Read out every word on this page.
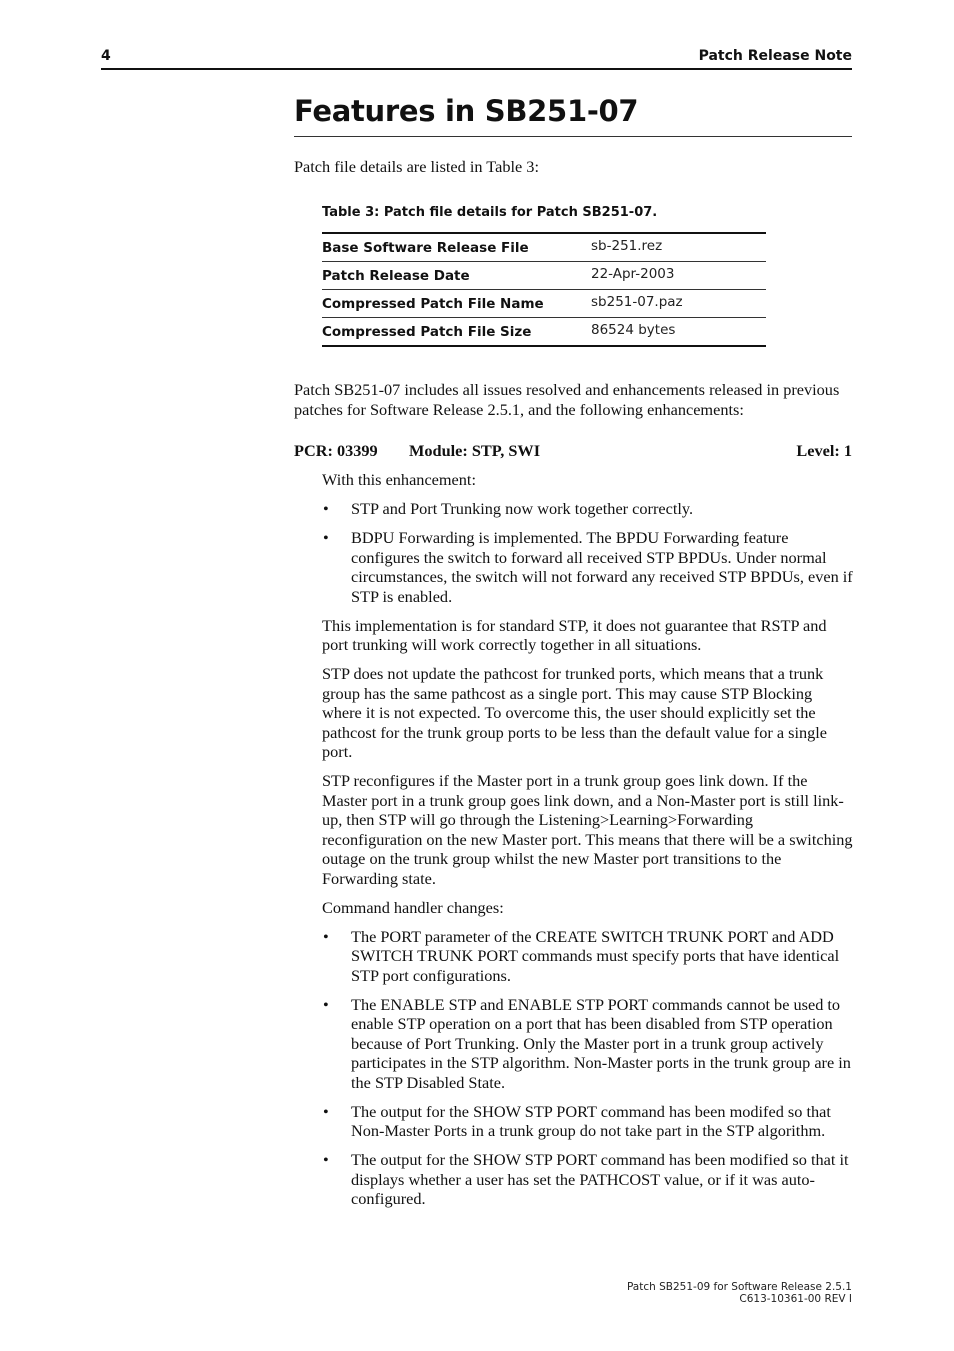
4	Patch Release Note
Features in SB251-07
Patch file details are listed in Table 3:
Table 3: Patch file details for Patch SB251-07.
Base Software Release File	sb-251.rez
Patch Release Date	22-Apr-2003
Compressed Patch File Name	sb251-07.paz
Compressed Patch File Size	86524 bytes
Patch SB251-07 includes all issues resolved and enhancements released in previous patches for Software Release 2.5.1, and the following enhancements:
PCR: 03399 Module: STP, SWI	Level: 1

With this enhancement:

• STP and Port Trunking now work together correctly.
• BDPU Forwarding is implemented. The BPDU Forwarding feature configures the switch to forward all received STP BPDUs. Under normal circumstances, the switch will not forward any received STP BPDUs, even if STP is enabled.

This implementation is for standard STP, it does not guarantee that RSTP and port trunking will work correctly together in all situations.

STP does not update the pathcost for trunked ports, which means that a trunk group has the same pathcost as a single port. This may cause STP Blocking where it is not expected. To overcome this, the user should explicitly set the pathcost for the trunk group ports to be less than the default value for a single port.

STP reconfigures if the Master port in a trunk group goes link down. If the Master port in a trunk group goes link down, and a Non-Master port is still link-up, then STP will go through the Listening>Learning>Forwarding reconfiguration on the new Master port. This means that there will be a switching outage on the trunk group whilst the new Master port transitions to the Forwarding state.

Command handler changes:

• The PORT parameter of the CREATE SWITCH TRUNK PORT and ADD SWITCH TRUNK PORT commands must specify ports that have identical STP port configurations.
• The ENABLE STP and ENABLE STP PORT commands cannot be used to enable STP operation on a port that has been disabled from STP operation because of Port Trunking. Only the Master port in a trunk group actively participates in the STP algorithm. Non-Master ports in the trunk group are in the STP Disabled State.
• The output for the SHOW STP PORT command has been modifed so that Non-Master Ports in a trunk group do not take part in the STP algorithm.
• The output for the SHOW STP PORT command has been modified so that it displays whether a user has set the PATHCOST value, or if it was auto-configured.
Patch SB251-09 for Software Release 2.5.1
C613-10361-00 REV I
